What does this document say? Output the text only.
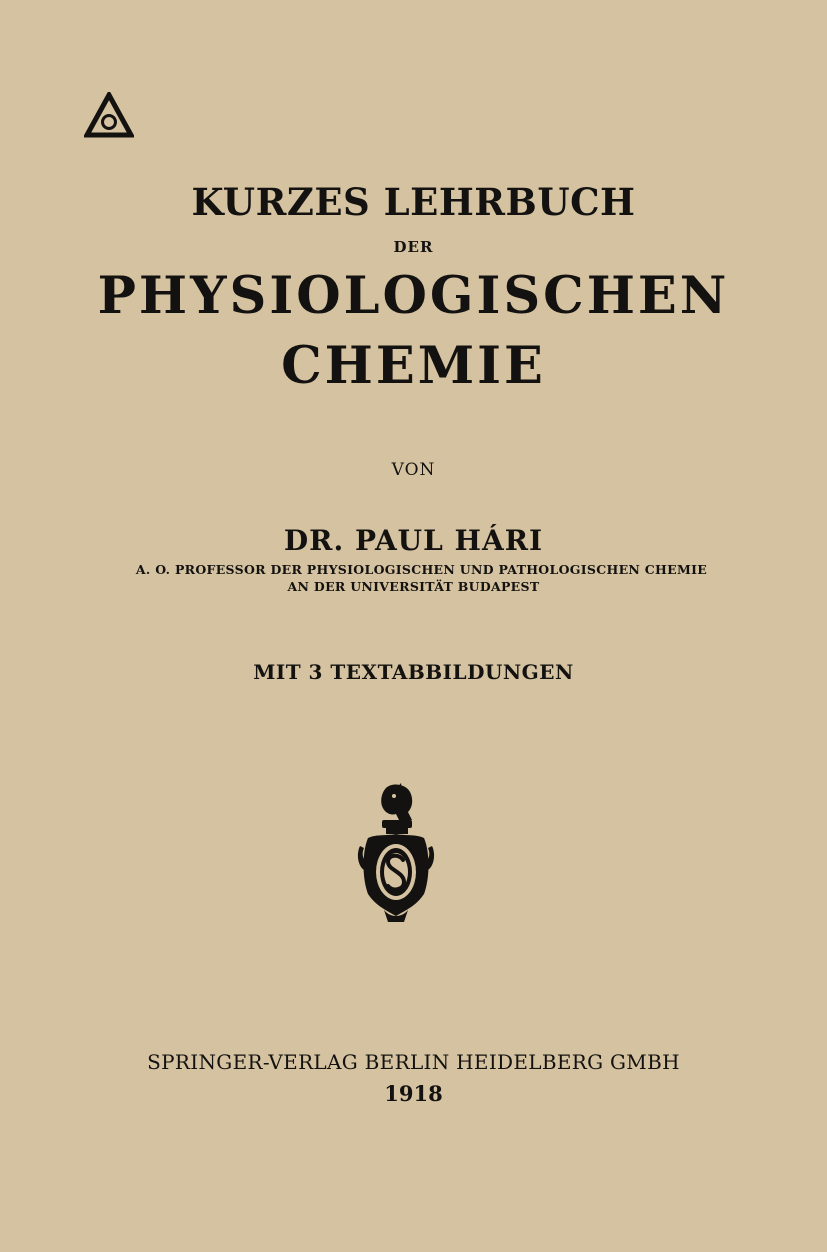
KURZES LEHRBUCH
DER
PHYSIOLOGISCHEN
CHEMIE
VON
DR. PAUL HÁRI
A. O. PROFESSOR DER PHYSIOLOGISCHEN UND PATHOLOGISCHEN CHEMIE
AN DER UNIVERSITÄT BUDAPEST
MIT 3 TEXTABBILDUNGEN
SPRINGER-VERLAG BERLIN HEIDELBERG GMBH
1918
